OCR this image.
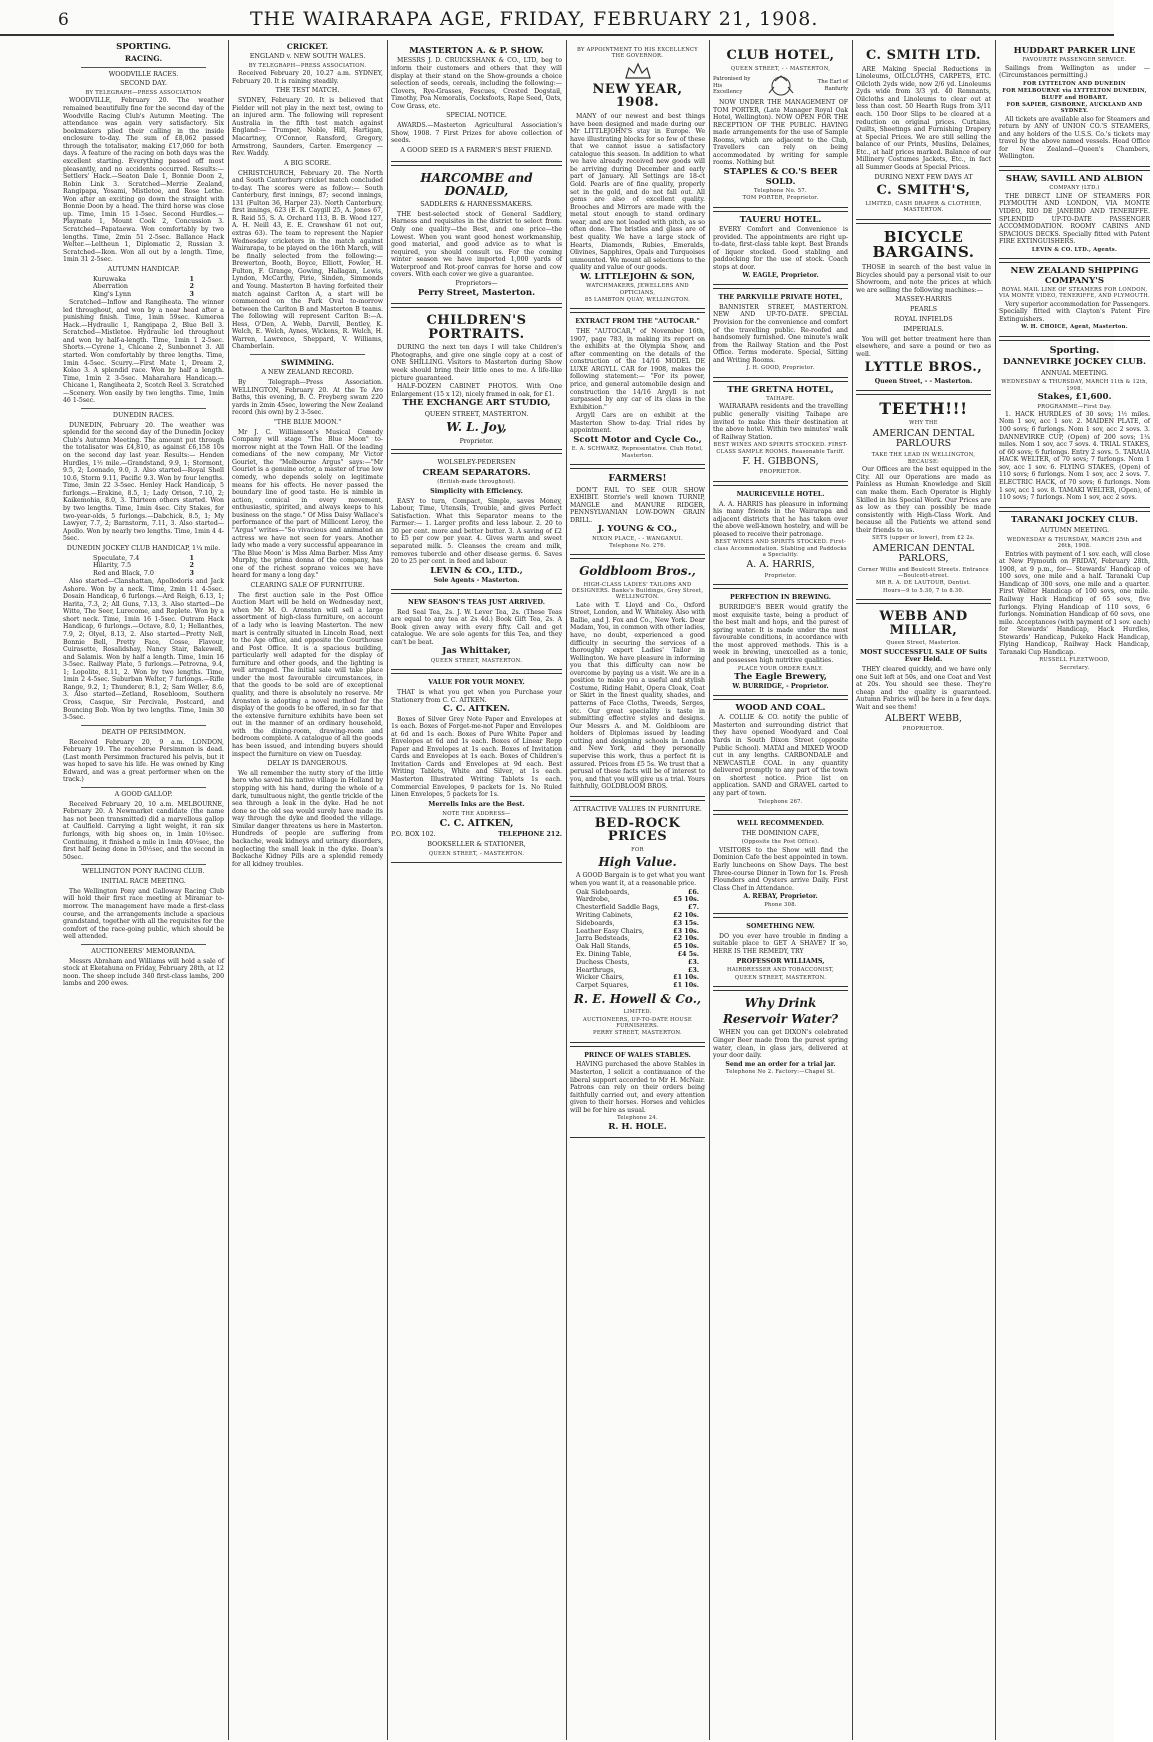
6	THE WAIRARAPA AGE, FRIDAY, FEBRUARY 21, 1908.
SPORTING.
RACING.
WOODVILLE RACES.
SECOND DAY.
BY TELEGRAPH—PRESS ASSOCIATION

WOODVILLE, February 20. The weather remained beautifully fine for the second day of the Woodville Racing Club's Autumn Meeting. The attendance was again very satisfactory. Six bookmakers plied their calling in the inside enclosure to-day. The sum of £8,062 passed through the totalisator, making £17,060 for both days. A feature of the racing on both days was the excellent starting. Everything passed off most pleasantly, and no accidents occurred. Results:— Settlers' Hack.—Seaton Dale 1, Bonnie Doon 2, Robin Link 3. Scratched—Merrie Zealand, Rangipapa, Yosami, Mistletoe, and Rose Lethe. Won after an exciting go down the straight with Bonnie Doon by a head. The third horse was close up. Time, 1min 15 1-5sec. Second Hurdles.—Playmate 1, Mount Cook 2, Concussion 3. Scratched—Papataewa. Won comfortably by two lengths. Time, 2min 51 2-5sec. Ballance Hack Welter.—Leltheun 1, Diplomatic 2, Russian 3. Scratched—Ikon. Won all out by a length. Time, 1min 31 2-5sec.

AUTUMN HANDICAP.
Kuruwaka	1
Aberration	2
King's Lynn	3

Scratched—Inflow and Rangiheata. The winner led throughout, and won by a near head after a punishing finish. Time, 1min 59sec. Kumeroa Hack.—Hydraulic 1, Rangipapa 2, Blue Bell 3. Scratched—Mistletoe. Hydraulic led throughout and won by half-a-length. Time, 1min 1 2-5sec. Shorts.—Cyrene 1, Chicane 2, Sunbonnet 3. All started. Won comfortably by three lengths. Time, 1min 4-5sec. Scurry.—First Mate 1, Dream 2, Kolao 3. A splendid race. Won by half a length. Time, 1min 2 3-5sec. Maharahara Handicap.—Chicane 1, Rangiheata 2, Scotch Reel 3. Scratched—Scenery. Won easily by two lengths. Time, 1min 46 1-5sec.

DUNEDIN RACES.

DUNEDIN, February 20. The weather was splendid for the second day of the Dunedin Jockey Club's Autumn Meeting. The amount put through the totalisator was £4,810, as against £6,158 10s on the second day last year. Results:— Henden Hurdles, 1½ mile.—Grandstand, 9.9, 1; Stormont, 9.5, 2; Loonado, 9.0, 3. Also started—Royal Shell 10.6, Storm 9.11, Pacific 9.3. Won by four lengths. Time, 3min 22 3-5sec. Henley Hack Handicap, 5 furlongs.—Erakine, 8.5, 1; Lady Orison, 7.10, 2; Kaikemohia, 8.0, 3. Thirteen others started. Won by two lengths. Time, 1min 4sec. City Stakes, for two-year-olds, 5 furlongs.—Dabchick, 8.5, 1; My Lawyer, 7.7, 2; Barnstorm, 7.11, 3. Also started—Apollo. Won by nearly two lengths. Time, 1min 4 4-5sec.

DUNEDIN JOCKEY CLUB HANDICAP, 1¼ mile.
Speculate, 7.4	1
Hilarity, 7.5	2
Red and Black, 7.0	3

Also started—Clanshattan, Apollodoris and Jack Ashore. Won by a neck. Time, 2min 11 4-5sec. Dosain Handicap, 6 furlongs.—Ard Reigh, 6.13, 1; Harita, 7.3, 2; All Guns, 7.13, 3. Also started—De Witte, The Seer, Lurecome, and Replete. Won by a short neck. Time, 1min 16 1-5sec. Outram Hack Handicap, 6 furlongs.—Octave, 8.0, 1; Hellanthes, 7.9, 2; Olyel, 8.13, 2. Also started—Pretty Nell, Bonnie Bell, Pretty Face, Cosse, Flavour, Cuirasette, Rosalidshay, Nancy Stair, Bakewell, and Salamis. Won by half a length. Time, 1min 16 3-5sec. Railway Plate, 5 furlongs.—Petrovna, 9.4, 1; Lopolite, 8.11, 2. Won by two lengths. Time, 1min 2 4-5sec. Suburban Welter, 7 furlongs.—Rifle Range, 9.2, 1; Thunderer, 8.1, 2; Sam Weller, 8.6, 3. Also started—Zetland, Rosebloom, Southern Cross, Casque, Sir Percivale, Postcard, and Bouncing Bob. Won by two lengths. Time, 1min 30 3-5sec.

DEATH OF PERSIMMON.

Received February 20, 9 a.m. LONDON, February 19. The racehorse Persimmon is dead. (Last month Persimmon fractured his pelvis, but it was hoped to save his life. He was owned by King Edward, and was a great performer when on the track.)

A GOOD GALLOP.

Received February 20, 10 a.m. MELBOURNE, February 20. A Newmarket candidate (the name has not been transmitted) did a marvellous gallop at Caulfield. Carrying a light weight, it ran six furlongs, with big shoes on, in 1min 10½sec. Continuing, it finished a mile in 1min 40½sec, the first half being done in 50½sec, and the second in 50sec.

WELLINGTON PONY RACING CLUB.
INITIAL RACE MEETING.

The Wellington Pony and Galloway Racing Club will hold their first race meeting at Miramar to-morrow. The management have made a first-class course, and the arrangements include a spacious grandstand, together with all the requisites for the comfort of the race-going public, which should be well attended.

AUCTIONEERS' MEMORANDA.

Messrs Abraham and Williams will hold a sale of stock at Eketahuna on Friday, February 28th, at 12 noon. The sheep include 340 first-class lambs, 200 lambs and 200 ewes.

CRICKET.
ENGLAND v. NEW SOUTH WALES.
BY TELEGRAPH—PRESS ASSOCIATION.

Received February 20, 10.27 a.m. SYDNEY, February 20. It is raining steadily.

THE TEST MATCH.

SYDNEY, February 20. It is believed that Fielder will not play in the next test, owing to an injured arm. The following will represent Australia in the fifth test match against England:— Trumper, Noble, Hill, Hartigan, Macartney, O'Connor, Ransford, Gregory, Armstrong, Saunders, Carter. Emergency — Rev. Waddy.

A BIG SCORE.

CHRISTCHURCH, February 20. The North and South Canterbury cricket match concluded to-day. The scores were as follow:— South Canterbury, first innings, 87; second innings, 131 (Fulton 36, Harper 23). North Canterbury, first innings, 623 (E. R. Caygill 25, A. Jones 67, R. Reid 55, S. A. Orchard 113, B. B. Wood 127, A. H. Neill 43, E. E. Crawshaw 61 not out, extras 63). The team to represent the Napier Wednesday cricketers in the match against Wairarapa, to be played on the 16th March, will be finally selected from the following:—Brewerton, Booth, Boyce, Elliott, Fowler, H. Fulton, F. Grange, Gowing, Hallagan, Lewis, Lyndon, McCarthy, Pirie, Sinden, Simmonds and Young. Masterton B having forfeited their match against Carlton A, a start will be commenced on the Park Oval to-morrow between the Carlton B and Masterton B teams. The following will represent Carlton B:—A. Hess, O'Den, A. Webb, Darvill, Bentley, K. Welch, E. Welch, Aynes, Wickens, R. Welch, H. Warren, Lawrence, Sheppard, V. Williams, Chamberlain.

SWIMMING.
A NEW ZEALAND RECORD.

By Telegraph—Press Association. WELLINGTON, February 20. At the Te Aro Baths, this evening, B. C. Freyberg swam 220 yards in 2min 45sec, lowering the New Zealand record (his own) by 2 3-5sec.

"THE BLUE MOON."

Mr J. C. Williamson's Musical Comedy Company will stage "The Blue Moon" to-morrow night at the Town Hall. Of the leading comedians of the new company, Mr Victor Gouriet, the "Melbourne Argus" says:—"Mr Gouriet is a genuine actor, a master of true low comedy, who depends solely on legitimate means for his effects. He never passed the boundary line of good taste. He is nimble in action, comical in every movement, enthusiastic, spirited, and always keeps to his business on the stage." Of Miss Daisy Wallace's performance of the part of Millicent Leroy, the "Argus" writes—"So vivacious and animated an actress we have not seen for years. Another lady who made a very successful appearance in 'The Blue Moon' is Miss Alma Barber. Miss Amy Murphy, the prima donna of the company, has one of the richest soprano voices we have heard for many a long day."

CLEARING SALE OF FURNITURE.

The first auction sale in the Post Office Auction Mart will be held on Wednesday next, when Mr M. O. Aronsten will sell a large assortment of high-class furniture, on account of a lady who is leaving Masterton. The new mart is centrally situated in Lincoln Road, next to the Age office, and opposite the Courthouse and Post Office. It is a spacious building, particularly well adapted for the display of furniture and other goods, and the lighting is well arranged. The initial sale will take place under the most favourable circumstances, in that the goods to be sold are of exceptional quality, and there is absolutely no reserve. Mr Aronsten is adopting a novel method for the display of the goods to be offered, in so far that the extensive furniture exhibits have been set out in the manner of an ordinary household, with the dining-room, drawing-room and bedroom complete. A catalogue of all the goods has been issued, and intending buyers should inspect the furniture on view on Tuesday.

DELAY IS DANGEROUS.

We all remember the nutty story of the little hero who saved his native village in Holland by stopping with his hand, during the whole of a dark, tumultuous night, the gentle trickle of the sea through a leak in the dyke. Had he not done so the old sea would surely have made its way through the dyke and flooded the village. Similar danger threatens us here in Masterton. Hundreds of people are suffering from backache, weak kidneys and urinary disorders, neglecting the small leak in the dyke. Doan's Backache Kidney Pills are a splendid remedy for all kidney troubles.

MASTERTON A. & P. SHOW.

MESSRS J. D. CRUICKSHANK & CO., LTD, beg to inform their customers and others that they will display at their stand on the Show-grounds a choice selection of seeds, cereals, including the following:— Clovers, Rye-Grasses, Fescues, Crested Dogstail, Timothy, Poa Nemoralis, Cocksfoots, Rape Seed, Oats, Cow Grass, etc.

SPECIAL NOTICE.

AWARDS.—Masterton Agricultural Association's Show, 1908. 7 First Prizes for above collection of seeds.

A GOOD SEED IS A FARMER'S BEST FRIEND.
HARCOMBE and DONALD,
SADDLERS & HARNESSMAKERS.

THE best-selected stock of General Saddlery, Harness and requisites in the district to select from. Only one quality—the Best, and one price—the Lowest. When you want good honest workmanship, good material, and good advice as to what is required, you should consult us. For the coming winter season we have imported 1,000 yards of Waterproof and Rot-proof canvas for horse and cow covers. With each cover we give a guarantee.

Proprietors—
Perry Street, Masterton.
CHILDREN'S PORTRAITS.

DURING the next ten days I will take Children's Photographs, and give one single copy at a cost of ONE SHILLING. Visitors to Masterton during Show week should bring their little ones to me. A life-like picture guaranteed.

HALF-DOZEN CABINET PHOTOS. With One Enlargement (15 x 12), nicely framed in oak, for £1.

THE EXCHANGE ART STUDIO,
QUEEN STREET, MASTERTON.
W. L. Joy,
Proprietor.
WOLSELEY-PEDERSEN
CREAM SEPARATORS.
(British-made throughout).
Simplicity with Efficiency.

EASY to turn, Compact, Simple, saves Money, Labour, Time, Utensils, Trouble, and gives Perfect Satisfaction. What this Separator means to the Farmer:— 1. Larger profits and less labour. 2. 20 to 30 per cent. more and better butter. 3. A saving of £2 to £5 per cow per year. 4. Gives warm and sweet separated milk. 5. Cleanses the cream and milk, removes tubercle and other disease germs. 6. Saves 20 to 25 per cent. in feed and labour.

LEVIN & CO., LTD.,
Sole Agents - Masterton.
NEW SEASON'S TEAS JUST ARRIVED.

Red Seal Tea, 2s. J. W. Lever Tea, 2s. (These Teas are equal to any tea at 2s 4d.) Book Gift Tea, 2s. A Book given away with every fifty. Call and get catalogue. We are sole agents for this Tea, and they can't be beat.

Jas Whittaker,
QUEEN STREET, MASTERTON.
VALUE FOR YOUR MONEY.

THAT is what you get when you Purchase your Stationery from C. C. AITKEN.

C. C. AITKEN.

Boxes of Silver Grey Note Paper and Envelopes at 1s each. Boxes of Forget-me-not Paper and Envelopes at 6d and 1s each. Boxes of Pure White Paper and Envelopes at 6d and 1s each. Boxes of Linear Repp Paper and Envelopes at 1s each. Boxes of Invitation Cards and Envelopes at 1s each. Boxes of Children's Invitation Cards and Envelopes at 9d each. Best Writing Tablets, White and Silver, at 1s each. Masterton Illustrated Writing Tablets 1s each. Commercial Envelopes, 9 packets for 1s. No Ruled Linen Envelopes, 5 packets for 1s.

Merrells Inks are the Best.
NOTE THE ADDRESS—
C. C. AITKEN,
P.O. BOX 102.	TELEPHONE 212.
BOOKSELLER & STATIONER,
QUEEN STREET, - MASTERTON.
BY APPOINTMENT TO HIS EXCELLENCY THE GOVERNOR.
NEW YEAR, 1908.

MANY of our newest and best things have been designed and made during our Mr LITTLEJOHN'S stay in Europe. We have illustrating blocks for so few of these that we cannot issue a satisfactory catalogue this season. In addition to what we have already received new goods will be arriving during December and early part of January. All Settings are 18-ct Gold. Pearls are of fine quality, properly set in the gold, and do not fall out. All gems are also of excellent quality. Brooches and Mirrors are made with the metal stout enough to stand ordinary wear, and are not loaded with pitch, as so often done. The bristles and glass are of best quality. We have a large stock of Hearts, Diamonds, Rubies, Emeralds, Olivines, Sapphires, Opals and Turquoises unmounted. We mount all selections to the quality and value of our goods.

W. LITTLEJOHN & SON,
WATCHMAKERS, JEWELLERS AND OPTICIANS,
85 LAMBTON QUAY, WELLINGTON.
EXTRACT FROM THE "AUTOCAR."

THE "AUTOCAR," of November 16th, 1907, page 783, in making its report on the exhibits at the Olympia Show, and after commenting on the details of the construction of the 14/16 MODEL DE LUXE ARGYLL CAR for 1908, makes the following statement:— "For its power, price, and general automobile design and construction the 14/16 Argyll is not surpassed by any car of its class in the Exhibition."

Argyll Cars are on exhibit at the Masterton Show to-day. Trial rides by appointment.

Scott Motor and Cycle Co.,
E. A. SCHWARZ, Representative. Club Hotel, Masterton.
FARMERS!

DON'T FAIL TO SEE OUR SHOW EXHIBIT. Storrie's well known TURNIP, MANGLE and MANURE RIDGER, PENNSYLVANIAN LOW-DOWN GRAIN DRILL.

J. YOUNG & CO.,
NIXON PLACE, - - WANGANUI.
Telephone No. 276.
Goldbloom Bros.,
HIGH-CLASS LADIES' TAILORS AND DESIGNERS. Banks's Buildings, Grey Street, WELLINGTON.

Late with T. Lloyd and Co., Oxford Street, London, and W. Whiteley. Also with Ballie, and J. Fox and Co., New York. Dear Madam, You, in common with other ladies, have, no doubt, experienced a good difficulty in securing the services of a thoroughly expert Ladies' Tailor in Wellington. We have pleasure in informing you that this difficulty can now be overcome by paying us a visit. We are in a position to make you a useful and stylish Costume, Riding Habit, Opera Cloak, Coat or Skirt in the finest quality, shades, and patterns of Face Cloths, Tweeds, Serges, etc. Our great speciality is taste in submitting effective styles and designs. Our Messrs A. and M. Goldbloom are holders of Diplomas issued by leading cutting and designing schools in London and New York, and they personally supervise this work, thus a perfect fit is assured. Prices from £5 5s. We trust that a perusal of these facts will be of interest to you, and that you will give us a trial. Yours faithfully, GOLDBLOOM BROS.

ATTRACTIVE VALUES IN FURNITURE.
BED-ROCK PRICES
FOR
High Value.

A GOOD Bargain is to get what you want when you want it, at a reasonable price.

Oak Sideboards,	£6.
Wardrobe,	£5 10s.
Chesterfield Saddle Bags,	£7.
Writing Cabinets,	£2 10s.
Sideboards,	£3 15s.
Leather Easy Chairs,	£3 10s.
Jarra Bedsteads,	£2 10s.
Oak Hall Stands,	£5 10s.
Ex. Dining Table,	£4 5s.
Duchess Chests,	£3.
Hearthrugs,	£3.
Wicker Chairs,	£1 10s.
Carpet Squares,	£1 10s.
R. E. Howell & Co.,
LIMITED.
AUCTIONEERS, UP-TO-DATE HOUSE FURNISHERS.
PERRY STREET, MASTERTON.
PRINCE OF WALES STABLES.

HAVING purchased the above Stables in Masterton, I solicit a continuance of the liberal support accorded to Mr H. McNair. Patrons can rely on their orders being faithfully carried out, and every attention given to their horses. Horses and vehicles will be for hire as usual.

Telephone 24.
R. H. HOLE.
CLUB HOTEL,
QUEEN STREET, - - MASTERTON,
Patronised by His Excellency
The Earl of Ranfurly

NOW UNDER THE MANAGEMENT OF TOM PORTER, (Late Manager Royal Oak Hotel, Wellington). NOW OPEN FOR THE RECEPTION OF THE PUBLIC. HAVING made arrangements for the use of Sample Rooms, which are adjacent to the Club, Travellers can rely on being accommodated by writing for sample rooms. Nothing but

STAPLES & CO.'S BEER SOLD.
Telephone No. 57.
TOM PORTER, Proprietor.
TAUERU HOTEL.

EVERY Comfort and Convenience is provided. The appointments are right up-to-date, first-class table kept. Best Brands of liquor stocked. Good stabling and paddocking for the use of stock. Coach stops at door.

W. EAGLE, Proprietor.
THE PARKVILLE PRIVATE HOTEL,

BANNISTER STREET, MASTERTON. NEW AND UP-TO-DATE. SPECIAL Provision for the convenience and comfort of the travelling public. Re-roofed and handsomely furnished. One minute's walk from the Railway Station and the Post Office. Terms moderate. Special, Sitting and Writing Rooms.

J. H. GOOD, Proprietor.
THE GRETNA HOTEL,
TAIHAPE.

WAIRARAPA residents and the travelling public generally visiting Taihape are invited to make this their destination at the above hotel. Within two minutes' walk of Railway Station.

BEST WINES AND SPIRITS STOCKED. FIRST-CLASS SAMPLE ROOMS. Reasonable Tariff.
F. H. GIBBONS,
PROPRIETOR.
MAURICEVILLE HOTEL.

A. A. HARRIS has pleasure in informing his many friends in the Wairarapa and adjacent districts that he has taken over the above well-known hostelry, and will be pleased to receive their patronage.

BEST WINES AND SPIRITS STOCKED. First-class Accommodation. Stabling and Paddocks a Speciality.
A. A. HARRIS,
Proprietor.
PERFECTION IN BREWING.

BURRIDGE'S BEER would gratify the most exquisite taste, being a product of the best malt and hops, and the purest of spring water. It is made under the most favourable conditions, in accordance with the most approved methods. This is a week in brewing, unexcelled as a tonic, and possesses high nutritive qualities.

PLACE YOUR ORDER EARLY.
The Eagle Brewery,
W. BURRIDGE, - Proprietor.
WOOD AND COAL.

A. COLLIE & CO. notify the public of Masterton and surrounding district that they have opened Woodyard and Coal Yards in South Dixon Street (opposite Public School). MATAI and MIXED WOOD cut in any lengths. CARBONDALE and NEWCASTLE COAL in any quantity delivered promptly to any part of the town on shortest notice. Price list on application. SAND and GRAVEL carted to any part of town.

Telephone 267.
WELL RECOMMENDED.
THE DOMINION CAFE,
(Opposite the Post Office).

VISITORS to the Show will find the Dominion Cafe the best appointed in town. Early luncheons on Show Days. The best Three-course Dinner in Town for 1s. Fresh Flounders and Oysters arrive Daily. First Class Chef in Attendance.

A. REBAY, Proprietor.
Phone 308.
SOMETHING NEW.

DO you ever have trouble in finding a suitable place to GET A SHAVE? If so, HERE IS THE REMEDY, TRY

PROFESSOR WILLIAMS,
HAIRDRESSER AND TOBACCONIST,
QUEEN STREET, MASTERTON.
Why Drink
Reservoir Water?

WHEN you can get DIXON's celebrated Ginger Beer made from the purest spring water, clean, in glass jars, delivered at your door daily.

Send me an order for a trial jar.
Telephone No 2. Factory:—Chapel St.
C. SMITH LTD.

ARE Making Special Reductions in Linoleums, OILCLOTHS, CARPETS, ETC. Oilcloth 2yds wide, now 2/6 yd. Linoleums 2yds wide from 3/3 yd. 40 Remnants, Oilcloths and Linoleums to clear out at less than cost. 50 Hearth Rugs from 3/11 each. 150 Door Slips to be cleared at a reduction on original prices. Curtains, Quilts, Sheetings and Furnishing Drapery at Special Prices. We are still selling the balance of our Prints, Muslins, Delaines, Etc., at half prices marked. Balance of our Millinery Costumes Jackets, Etc., in fact all Summer Goods at Special Prices.

DURING NEXT FEW DAYS AT
C. SMITH'S,
LIMITED, CASH DRAPER & CLOTHIER, MASTERTON.
BICYCLE BARGAINS.

THOSE in search of the best value in Bicycles should pay a personal visit to our Showroom, and note the prices at which we are selling the following machines:—

MASSEY-HARRIS
PEARLS
ROYAL INFIELDS
IMPERIALS.

You will get better treatment here than elsewhere, and save a pound or two as well.

LYTTLE BROS.,
Queen Street, - - Masterton.
TEETH!!!
WHY THE
AMERICAN DENTAL PARLOURS
TAKE THE LEAD IN WELLINGTON,
BECAUSE:

Our Offices are the best equipped in the City. All our Operations are made as Painless as Human Knowledge and Skill can make them. Each Operator is Highly Skilled in his Special Work. Our Prices are as low as they can possibly be made consistently with High-Class Work. And because all the Patients we attend send their friends to us.

SETS (upper or lower), from £2 2s.
AMERICAN DENTAL PARLORS,
Corner Willis and Boulcott Streets. Entrance—Boulcott-street.
MR R. A. DE LAUTOUR, Dentist.
Hours—9 to 5.30, 7 to 8.30.
WEBB AND MILLAR,
Queen Street, Masterton.
MOST SUCCESSFUL SALE OF Suits Ever Held.

THEY cleared quickly, and we have only one Suit left at 50s, and one Coat and Vest at 20s. You should see these. They're cheap and the quality is guaranteed. Autumn Fabrics will be here in a few days. Wait and see them!

ALBERT WEBB,
PROPRIETOR.
HUDDART PARKER LINE
FAVOURITE PASSENGER SERVICE.

Sailings from Wellington as under — (Circumstances permitting.)

FOR LYTTELTON AND DUNEDIN
FOR MELBOURNE via LYTTELTON DUNEDIN, BLUFF and HOBART.
FOR SAPIER, GISBORNE, AUCKLAND AND SYDNEY.

All tickets are available also for Steamers and return by ANY of UNION CO.'S STEAMERS, and any holders of the U.S.S. Co.'s tickets may travel by the above named vessels. Head Office for New Zealand—Queen's Chambers, Wellington.

SHAW, SAVILL AND ALBION
COMPANY (LTD.)

THE DIRECT LINE OF STEAMERS FOR PLYMOUTH AND LONDON, VIA MONTE VIDEO, RIO DE JANEIRO AND TENERIFFE. SPLENDID UP-TO-DATE PASSENGER ACCOMMODATION. ROOMY CABINS AND SPACIOUS DECKS. Specially fitted with Patent FIRE EXTINGUISHERS.

LEVIN & CO. LTD., Agents.
NEW ZEALAND SHIPPING COMPANY'S
ROYAL MAIL LINE OF STEAMERS FOR LONDON, VIA MONTE VIDEO, TENERIFFE, AND PLYMOUTH.

Very superior accommodation for Passengers. Specially fitted with Clayton's Patent Fire Extinguishers.

W. H. CHOICE, Agent, Masterton.
Sporting.
DANNEVIRKE JOCKEY CLUB.
ANNUAL MEETING.
WEDNESDAY & THURSDAY, MARCH 11th & 12th, 1908.
Stakes, £1,600.
PROGRAMME—First Day.

1. HACK HURDLES of 30 sovs; 1½ miles. Nom 1 sov, acc 1 sov. 2. MAIDEN PLATE, of 100 sovs; 6 furlongs. Nom 1 sov, acc 2 sovs. 3. DANNEVIRKE CUP, (Open) of 200 sovs; 1¼ miles. Nom 1 sov, acc 7 sovs. 4. TRIAL STAKES, of 60 sovs; 6 furlongs. Entry 2 sovs. 5. TARAUA HACK WELTER, of 70 sovs; 7 furlongs. Nom 1 sov, acc 1 sov. 6. FLYING STAKES, (Open) of 110 sovs; 6 furlongs. Nom 1 sov, acc 2 sovs. 7. ELECTRIC HACK, of 70 sovs; 6 furlongs. Nom 1 sov, acc 1 sov. 8. TAMAKI WELTER, (Open), of 110 sovs; 7 furlongs. Nom 1 sov, acc 2 sovs.

TARANAKI JOCKEY CLUB.
AUTUMN MEETING.
WEDNESDAY & THURSDAY, MARCH 25th and 26th, 1908.

Entries with payment of 1 sov. each, will close at New Plymouth on FRIDAY, February 28th, 1908, at 9 p.m., for— Stewards' Handicap of 100 sovs, one mile and a half. Taranaki Cup Handicap of 300 sovs, one mile and a quarter. First Welter Handicap of 100 sovs, one mile. Railway Hack Handicap of 65 sovs, five furlongs. Flying Handicap of 110 sovs, 6 furlongs. Nomination Handicap of 60 sovs, one mile. Acceptances (with payment of 1 sov. each) for Stewards' Handicap, Hack Hurdles, Stewards' Handicap, Pukeko Hack Handicap, Flying Handicap, Railway Hack Handicap, Taranaki Cup Handicap.

RUSSELL FLEETWOOD,
Secretary.
